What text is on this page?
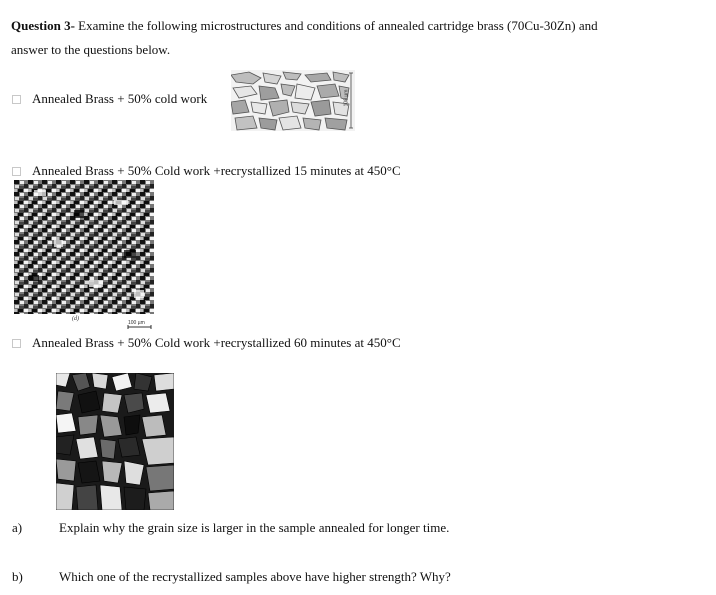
Question 3- Examine the following microstructures and conditions of annealed cartridge brass (70Cu-30Zn) and
answer to the questions below.
Annealed Brass + 50% cold work	100 µm
Annealed Brass + 50% Cold work +recrystallized 15 minutes at 450°C
(d)
100 µm
Annealed Brass + 50% Cold work +recrystallized 60 minutes at 450°C
a)	Explain why the grain size is larger in the sample annealed for longer time.
b)	Which one of the recrystallized samples above have higher strength? Why?
